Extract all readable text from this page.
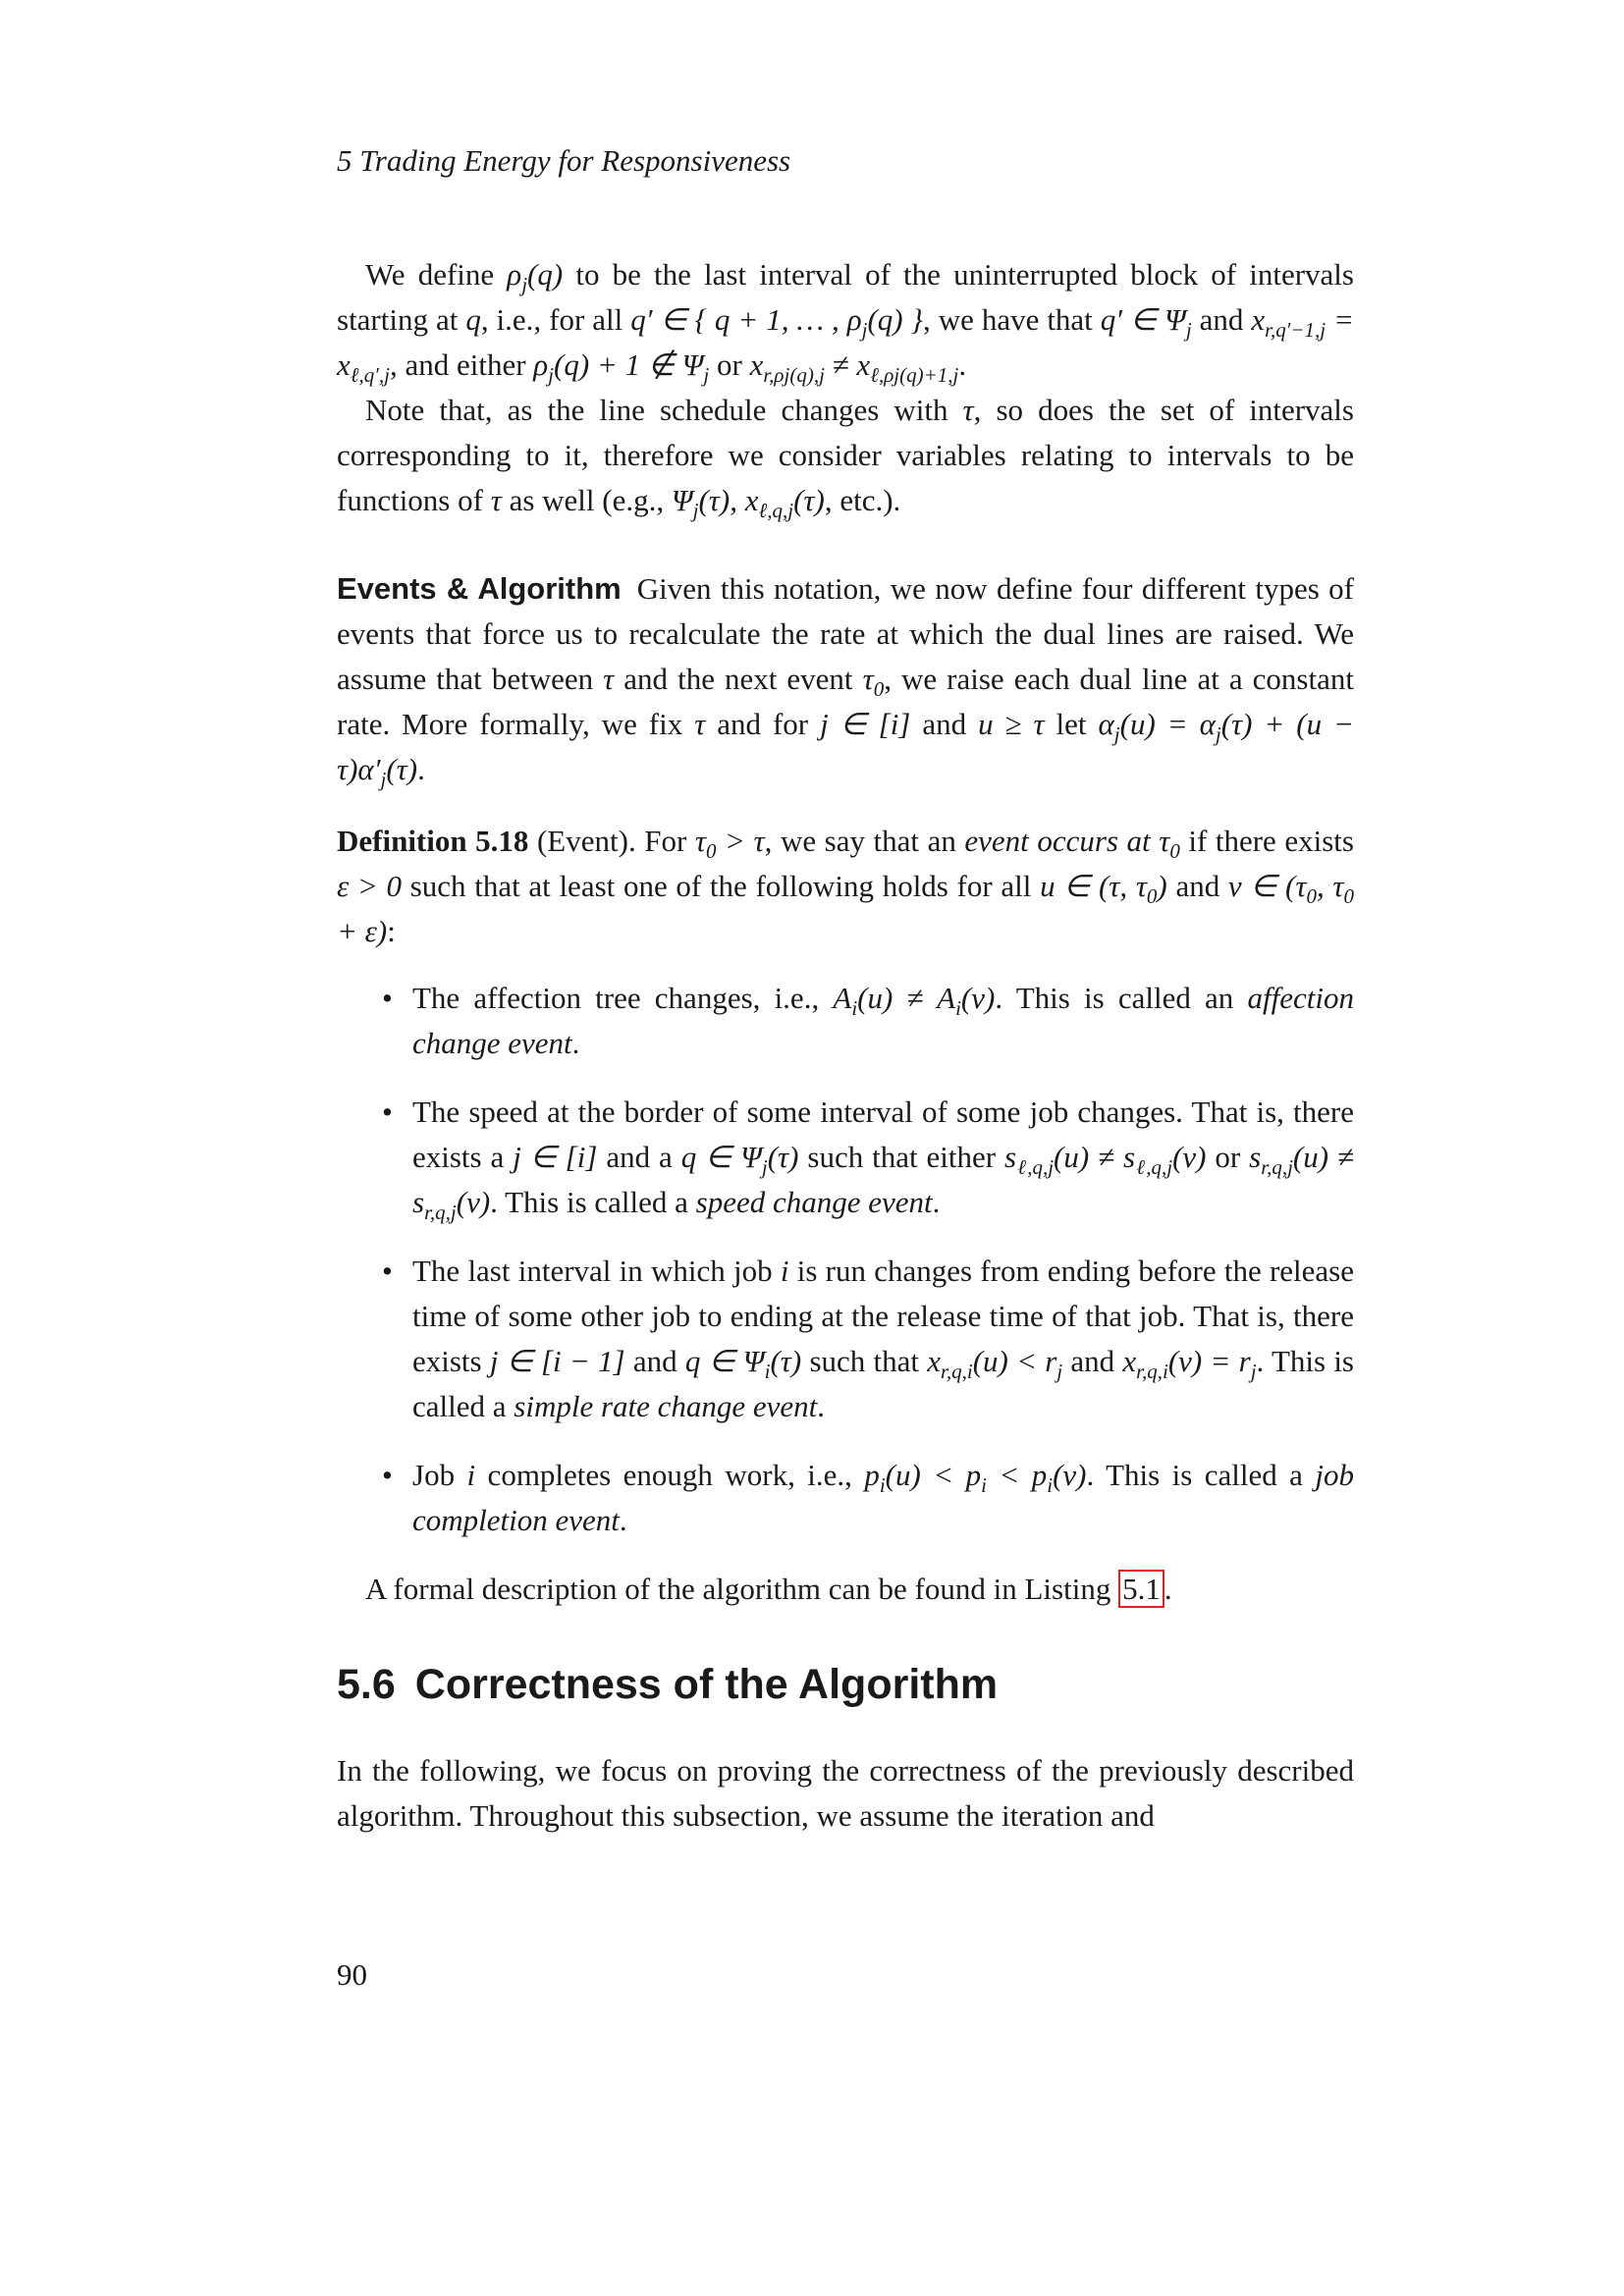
5 Trading Energy for Responsiveness

We define $\rho_j(q)$ to be the last interval of the uninterrupted block of intervals starting at q, i.e., for all q′ ∈ { q + 1, … , $\rho_j(q)$ }, we have that q′ ∈ $\Psi_j$ and $x_{r,q'-1,j} = x_{\ell,q',j}$, and either $\rho_j(q) + 1$ ∉ $\Psi_j$ or $x_{r,\rho j(q),j} \ne x_{\ell,\rho j(q)+1,j}$.

Note that, as the line schedule changes with τ, so does the set of intervals corresponding to it, therefore we consider variables relating to intervals to be functions of τ as well (e.g., $\Psi_j(\tau)$, $x_{\ell,q,j}(\tau)$, etc.).

Events & Algorithm Given this notation, we now define four different types of events that force us to recalculate the rate at which the dual lines are raised. We assume that between τ and the next event $\tau_0$, we raise each dual line at a constant rate. More formally, we fix τ and for j ∈ [i] and u ≥ τ let $\alpha_j(u) = \alpha_j(\tau) + (u - \tau)\alpha'_j(\tau)$.

Definition 5.18 (Event). For $\tau_0 > \tau$, we say that an event occurs at $\tau_0$ if there exists ε > 0 such that at least one of the following holds for all u ∈ (τ, $\tau_0$) and v ∈ ($\tau_0$, $\tau_0 + \varepsilon$):

• The affection tree changes, i.e., $A_i(u) \ne A_i(v)$. This is called an affection change event.
• The speed at the border of some interval of some job changes. That is, there exists a j ∈ [i] and a q ∈ $\Psi_j(\tau)$ such that either $s_{\ell,q,j}(u) \ne s_{\ell,q,j}(v)$ or $s_{r,q,j}(u) \ne s_{r,q,j}(v)$. This is called a speed change event.
• The last interval in which job i is run changes from ending before the release time of some other job to ending at the release time of that job. That is, there exists j ∈ [i − 1] and q ∈ $\Psi_i(\tau)$ such that $x_{r,q,i}(u) < r_j$ and $x_{r,q,i}(v) = r_j$. This is called a simple rate change event.
• Job i completes enough work, i.e., $p_i(u) < p_i < p_i(v)$. This is called a job completion event.

A formal description of the algorithm can be found in Listing 5.1 .

5.6 Correctness of the Algorithm

In the following, we focus on proving the correctness of the previously described algorithm. Throughout this subsection, we assume the iteration and

90
